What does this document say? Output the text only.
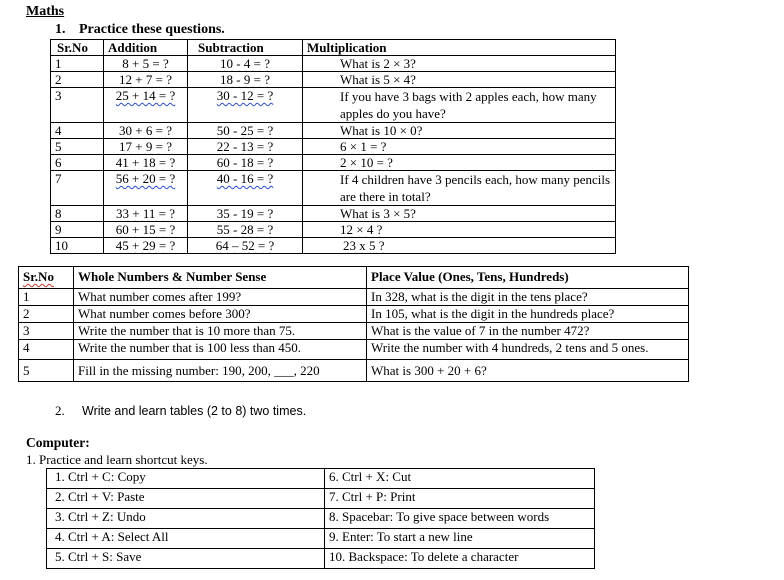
Maths
1. Practice these questions.
Sr.No	Addition	Subtraction	Multiplication
1	8 + 5 = ?	10 - 4 = ?	What is 2 × 3?
2	12 + 7 = ?	18 - 9 = ?	What is 5 × 4?
3	25 + 14 = ?	30 - 12 = ?	If you have 3 bags with 2 apples each, how many apples do you have?
4	30 + 6 = ?	50 - 25 = ?	What is 10 × 0?
5	17 + 9 = ?	22 - 13 = ?	6 × 1 = ?
6	41 + 18 = ?	60 - 18 = ?	2 × 10 = ?
7	56 + 20 = ?	40 - 16 = ?	If 4 children have 3 pencils each, how many pencils are there in total?
8	33 + 11 = ?	35 - 19 = ?	What is 3 × 5?
9	60 + 15 = ?	55 - 28 = ?	12 × 4 ?
10	45 + 29 = ?	64 – 52 = ?	23 x 5 ?
Sr.No	Whole Numbers & Number Sense	Place Value (Ones, Tens, Hundreds)
1	What number comes after 199?	In 328, what is the digit in the tens place?
2	What number comes before 300?	In 105, what is the digit in the hundreds place?
3	Write the number that is 10 more than 75.	What is the value of 7 in the number 472?
4	Write the number that is 100 less than 450.	Write the number with 4 hundreds, 2 tens and 5 ones.
5	Fill in the missing number: 190, 200, ___, 220	What is 300 + 20 + 6?
2. Write and learn tables (2 to 8) two times.
Computer:
1. Practice and learn shortcut keys.
1. Ctrl + C: Copy	6. Ctrl + X: Cut
2. Ctrl + V: Paste	7. Ctrl + P: Print
3. Ctrl + Z: Undo	8. Spacebar: To give space between words
4. Ctrl + A: Select All	9. Enter: To start a new line
5. Ctrl + S: Save	10. Backspace: To delete a character
